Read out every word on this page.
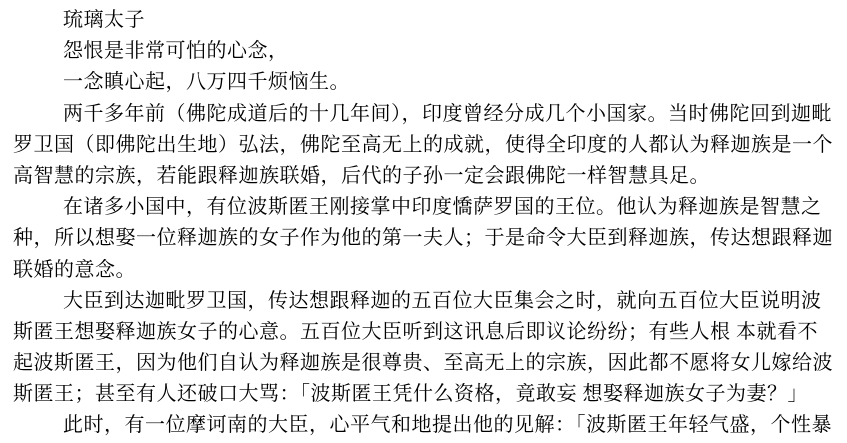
琉璃太子
怨恨是非常可怕的心念，
一念瞋心起，八万四千烦恼生。
两千多年前（佛陀成道后的十几年间），印度曾经分成几个小国家。当时佛陀回到迦毗
罗卫国（即佛陀出生地）弘法，佛陀至高无上的成就，使得全印度的人都认为释迦族是一个
高智慧的宗族，若能跟释迦族联婚，后代的子孙一定会跟佛陀一样智慧具足。
在诸多小国中，有位波斯匿王刚接掌中印度憍萨罗国的王位。他认为释迦族是智慧之
种，所以想娶一位释迦族的女子作为他的第一夫人；于是命令大臣到释迦族，传达想跟释迦
联婚的意念。
大臣到达迦毗罗卫国，传达想跟释迦的五百位大臣集会之时，就向五百位大臣说明波
斯匿王想娶释迦族女子的心意。五百位大臣听到这讯息后即议论纷纷；有些人根 本就看不
起波斯匿王，因为他们自认为释迦族是很尊贵、至高无上的宗族，因此都不愿将女儿嫁给波
斯匿王；甚至有人还破口大骂：「波斯匿王凭什么资格，竟敢妄 想娶释迦族女子为妻？」
此时，有一位摩诃南的大臣，心平气和地提出他的见解：「波斯匿王年轻气盛，个性暴
